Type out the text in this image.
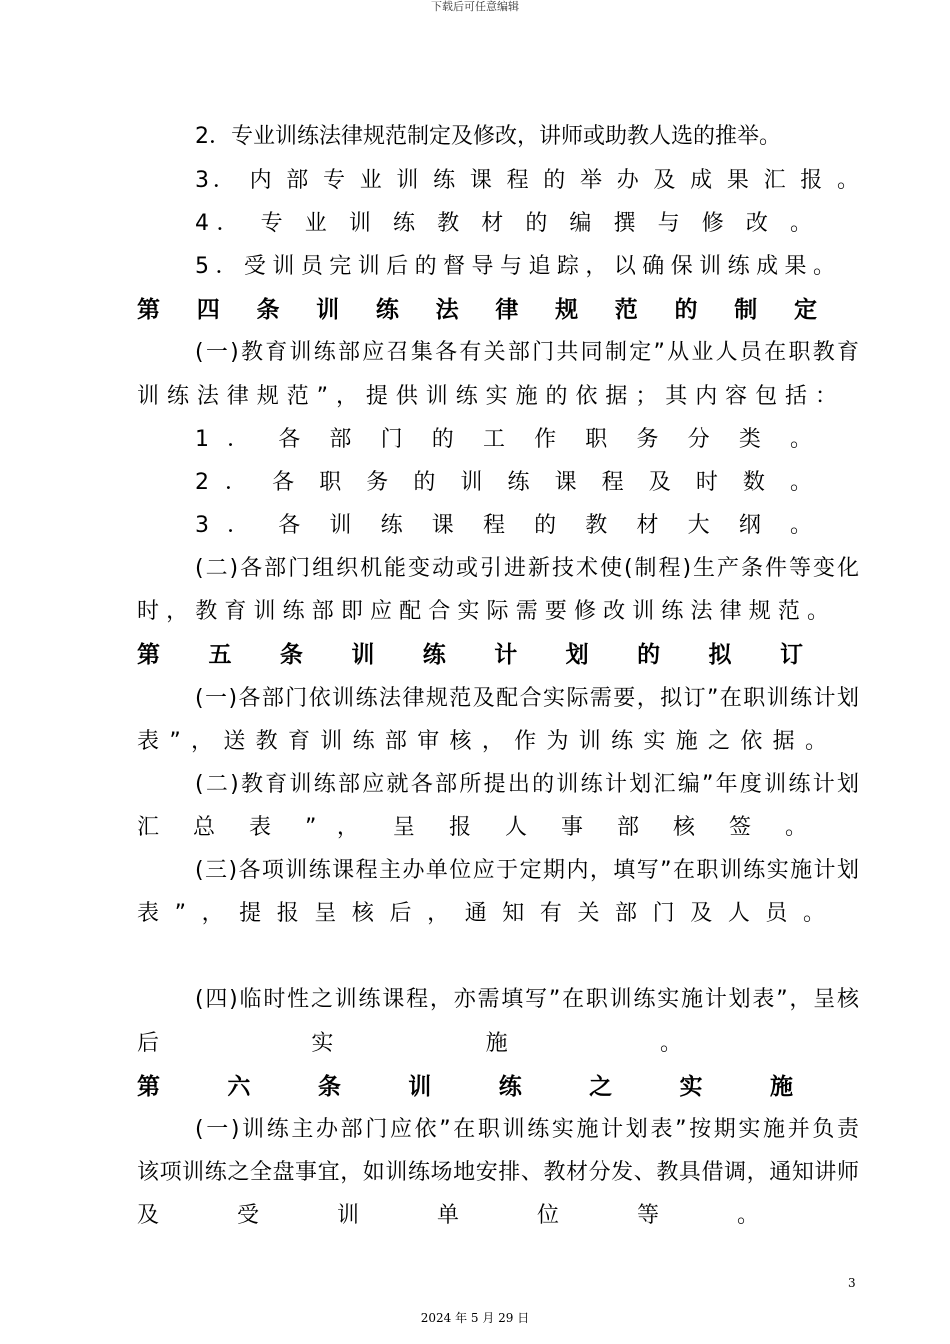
下载后可任意编辑
2．专业训练法律规范制定及修改，讲师或助教人选的推举。
3． 内 部 专 业 训 练 课 程 的 举 办 及 成 果 汇 报 。
4． 专 业 训 练 教 材 的 编 撰 与 修 改 。
5．受训员完训后的督导与追踪，以确保训练成果。
第 四 条 训 练 法 律 规 范 的 制 定
(一)教育训练部应召集各有关部门共同制定”从业人员在职教育
训练法律规范”，提供训练实施的依据；其内容包括：
1 ． 各 部 门 的 工 作 职 务 分 类 。
2 ． 各 职 务 的 训 练 课 程 及 时 数 。
3 ． 各 训 练 课 程 的 教 材 大 纲 。
(二)各部门组织机能变动或引进新技术使(制程)生产条件等变化
时，教育训练部即应配合实际需要修改训练法律规范。
第 五 条 训 练 计 划 的 拟 订
(一)各部门依训练法律规范及配合实际需要，拟订”在职训练计划
表”，送教育训练部审核，作为训练实施之依据。
(二)教育训练部应就各部所提出的训练计划汇编”年度训练计划
汇 总 表 ” ， 呈 报 人 事 部 核 签 。
(三)各项训练课程主办单位应于定期内，填写”在职训练实施计划
表”，提报呈核后，通知有关部门及人员。
(四)临时性之训练课程，亦需填写”在职训练实施计划表”，呈核
后 实 施 。
第 六 条 训 练 之 实 施
(一)训练主办部门应依”在职训练实施计划表”按期实施并负责
该项训练之全盘事宜，如训练场地安排、教材分发、教具借调，通知讲师
及 受 训 单 位 等 。
3
2024 年 5 月 29 日
